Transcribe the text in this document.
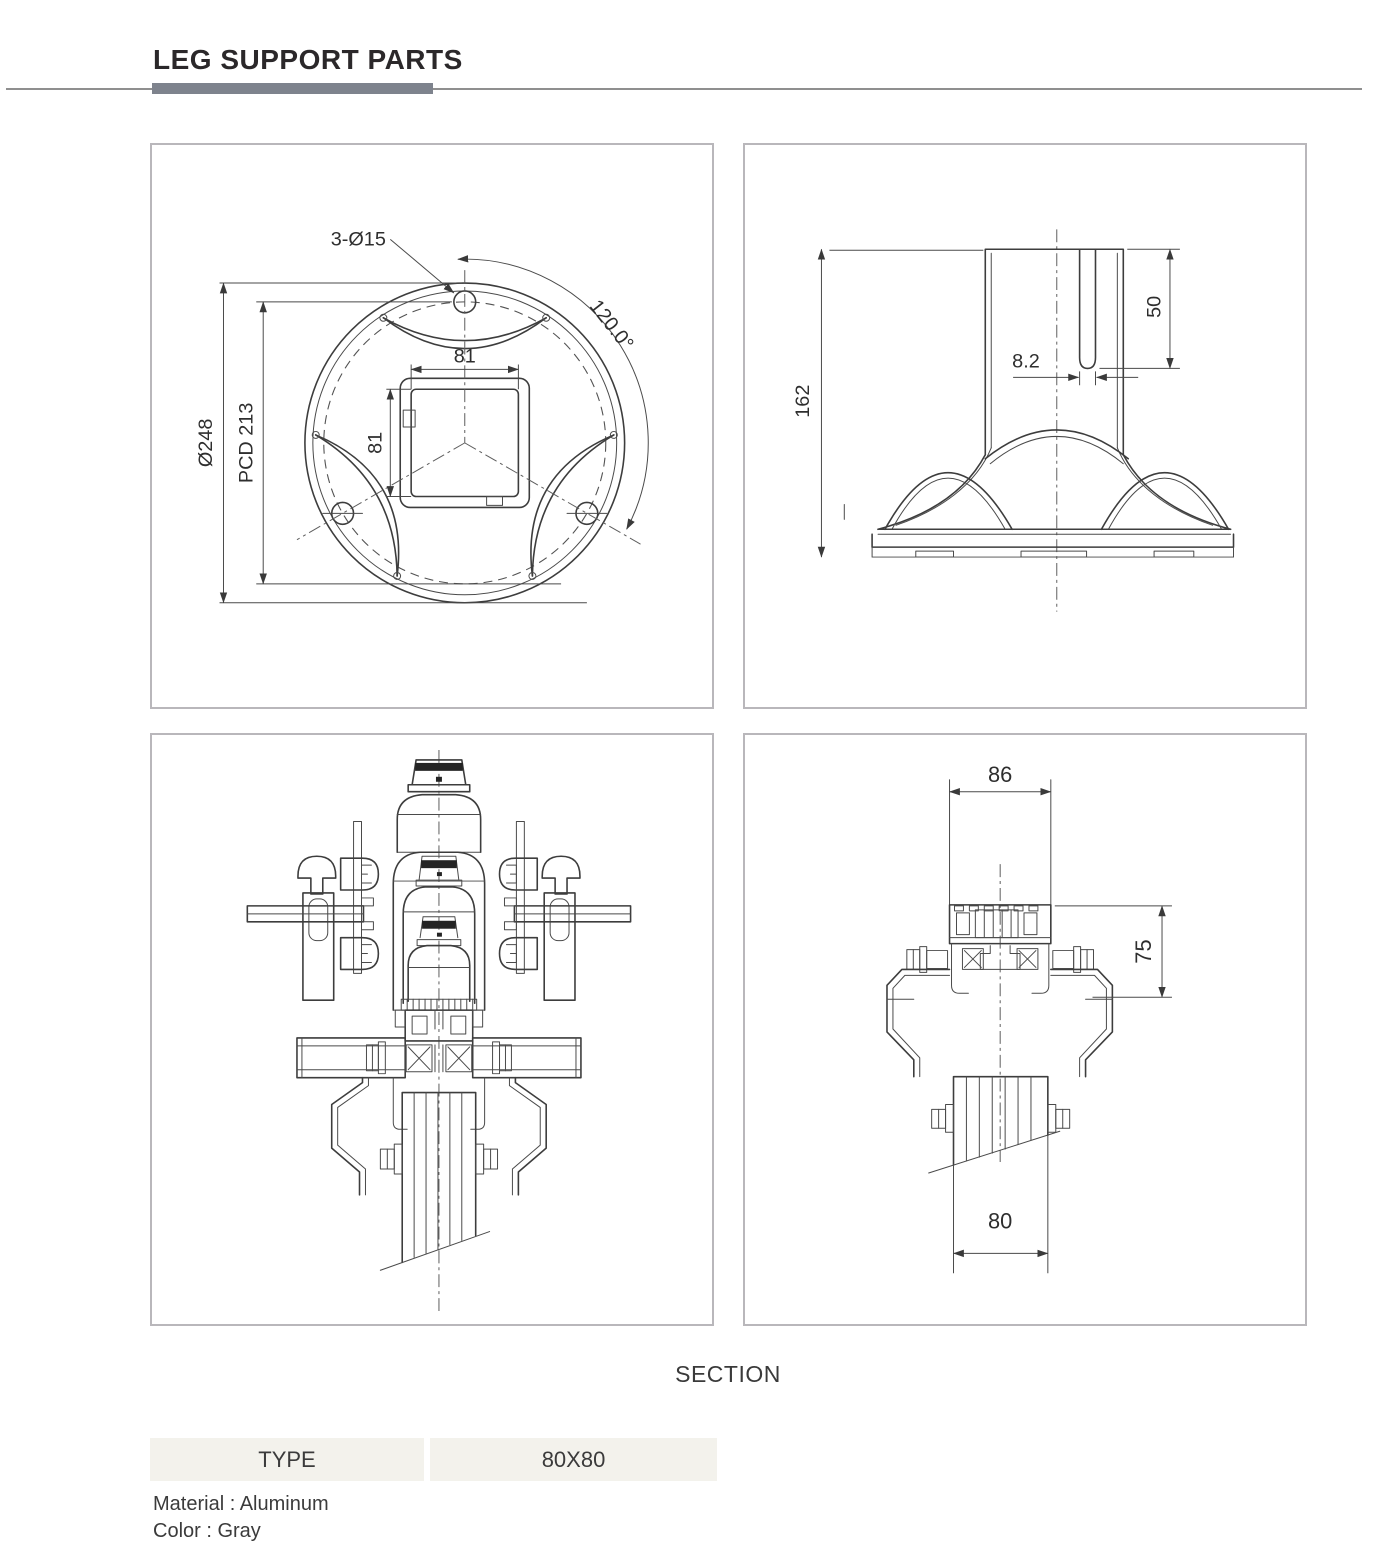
LEG SUPPORT PARTS
Ø248 PCD 213
81
81
3-Ø15
120.0°	50
8.2
162
86
75
80
SECTION
TYPE	80X80
Material : Aluminum
Color : Gray
